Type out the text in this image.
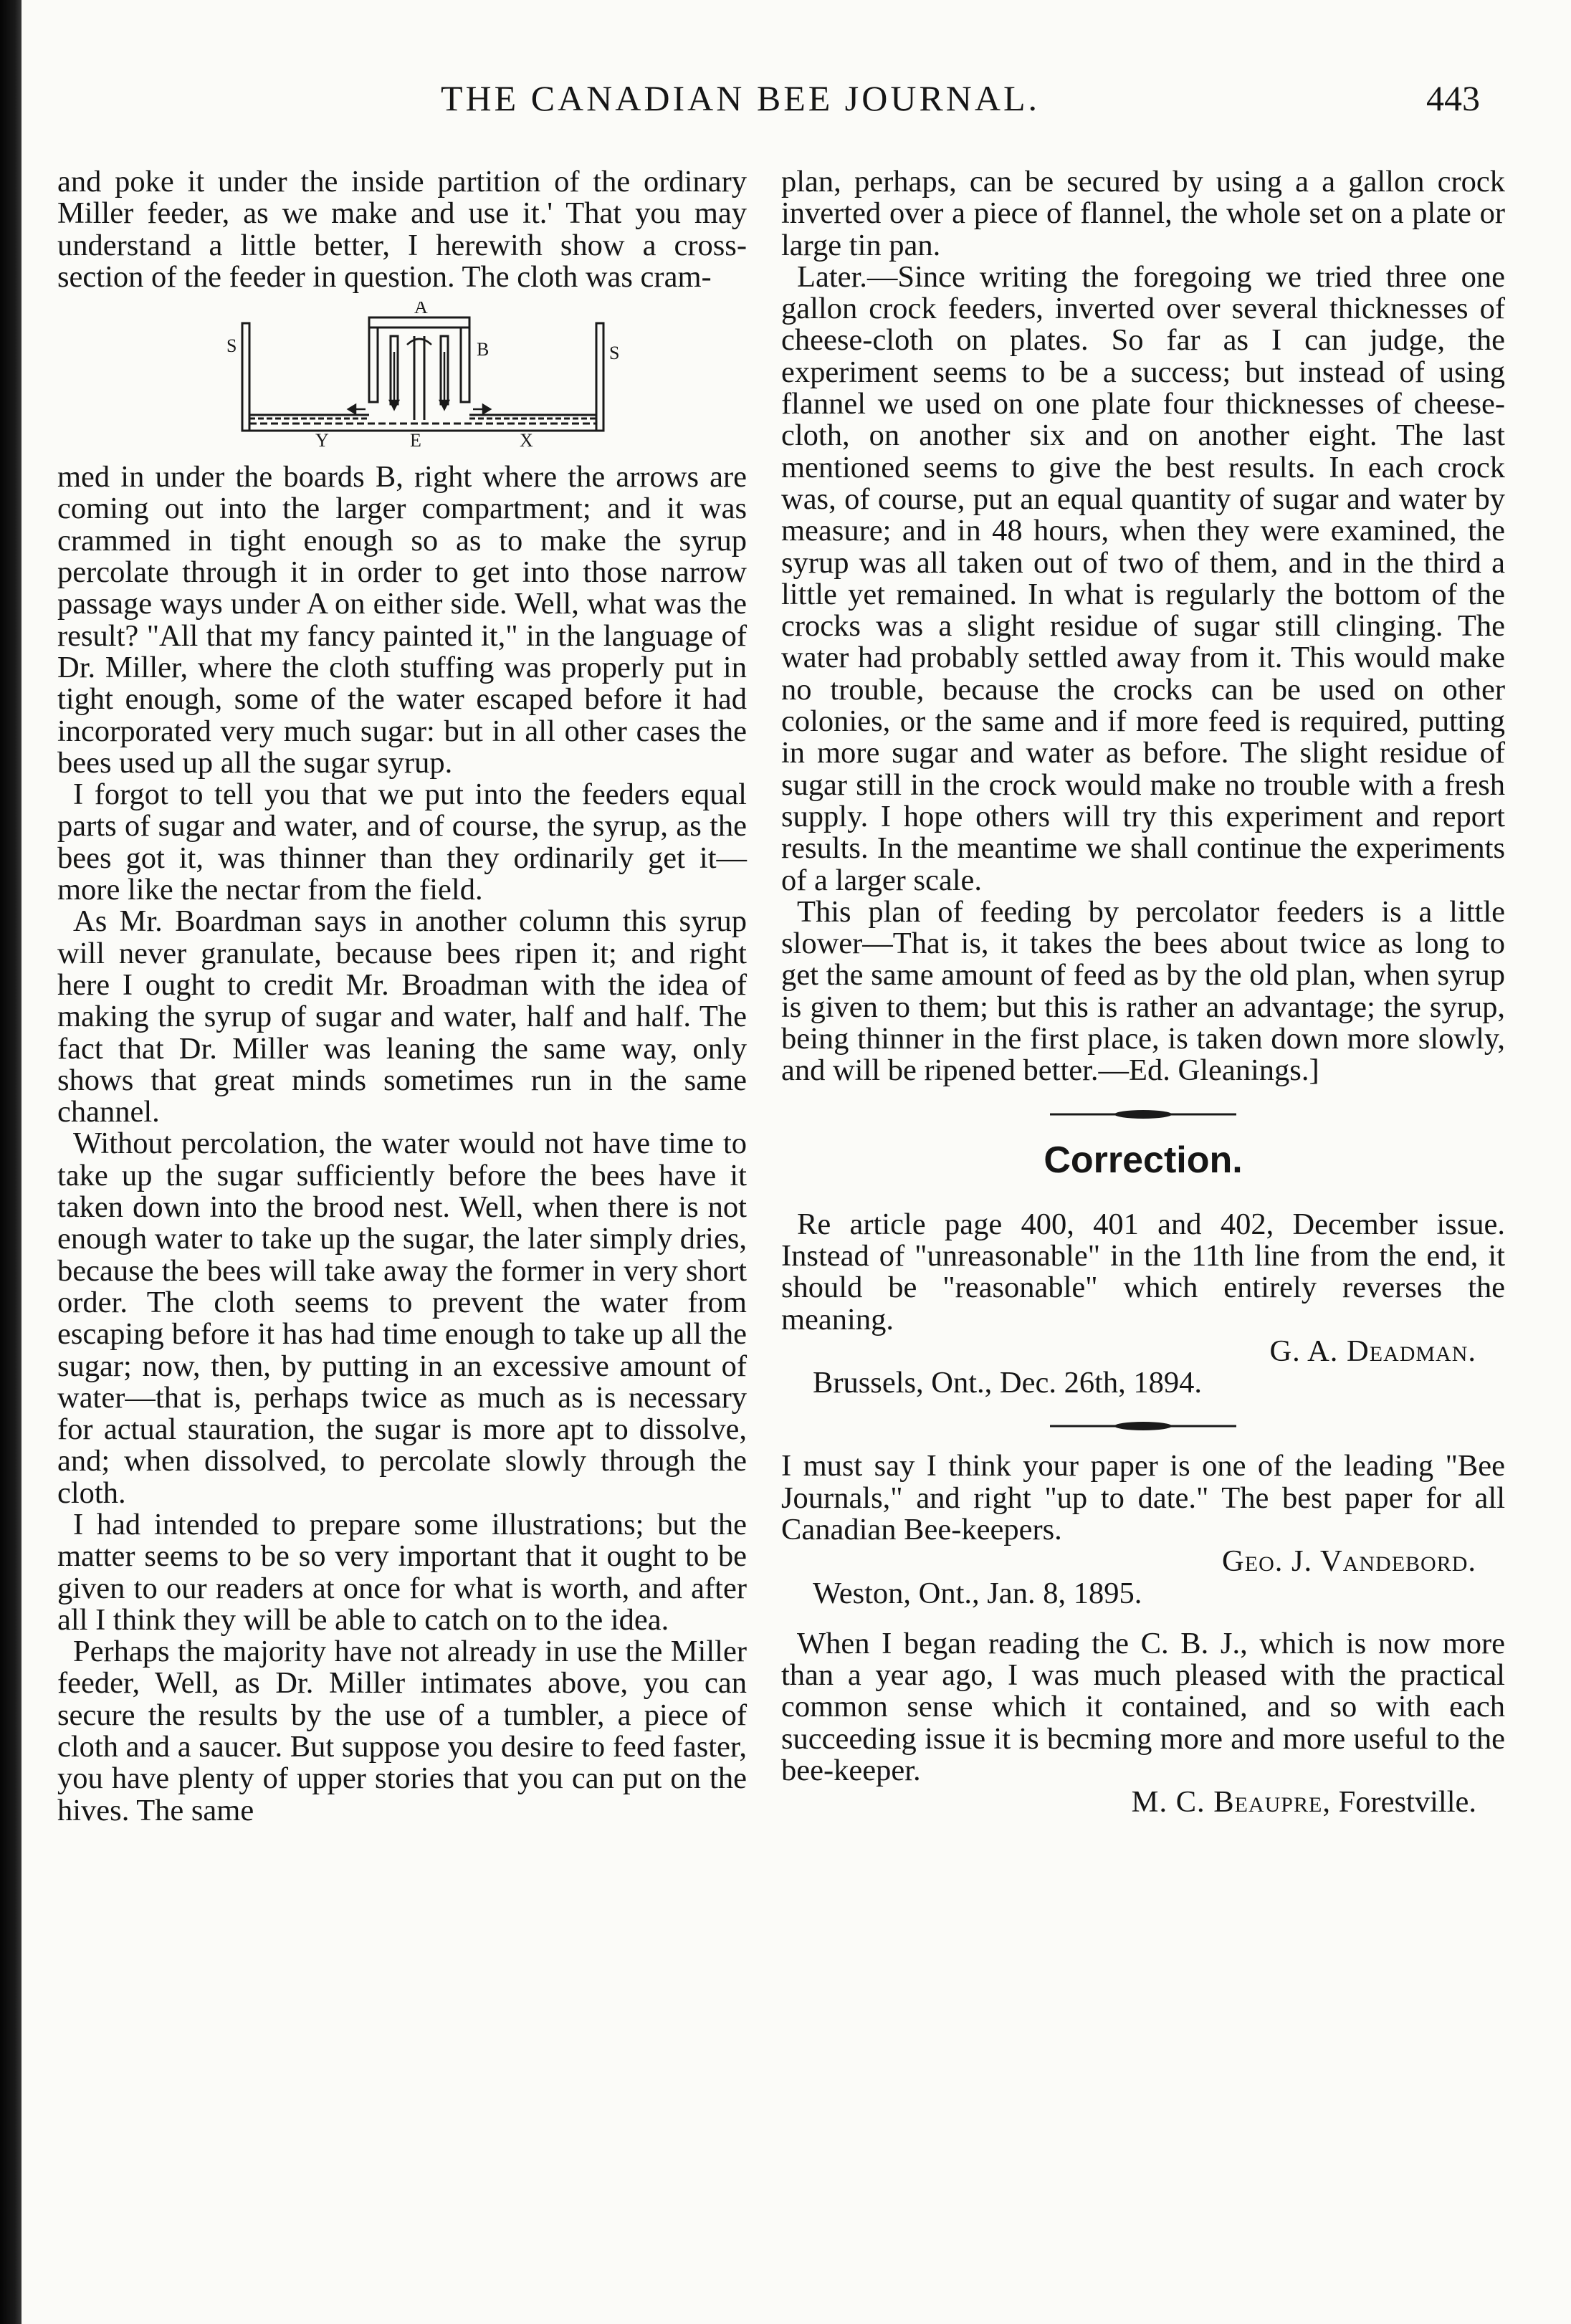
THE CANADIAN BEE JOURNAL.	443

and poke it under the inside partition of the ordinary Miller feeder, as we make and use it.' That you may understand a little better, I herewith show a cross-section of the feeder in question. The cloth was cram-

A
S	B	S
Y	E	X

med in under the boards B, right where the arrows are coming out into the larger compartment; and it was crammed in tight enough so as to make the syrup percolate through it in order to get into those narrow passage ways under A on either side. Well, what was the result? "All that my fancy painted it," in the language of Dr. Miller, where the cloth stuffing was properly put in tight enough, some of the water escaped before it had incorporated very much sugar: but in all other cases the bees used up all the sugar syrup.

I forgot to tell you that we put into the feeders equal parts of sugar and water, and of course, the syrup, as the bees got it, was thinner than they ordinarily get it—more like the nectar from the field.

As Mr. Boardman says in another column this syrup will never granulate, because bees ripen it; and right here I ought to credit Mr. Broadman with the idea of making the syrup of sugar and water, half and half. The fact that Dr. Miller was leaning the same way, only shows that great minds sometimes run in the same channel.

Without percolation, the water would not have time to take up the sugar sufficiently before the bees have it taken down into the brood nest. Well, when there is not enough water to take up the sugar, the later simply dries, because the bees will take away the former in very short order. The cloth seems to prevent the water from escaping before it has had time enough to take up all the sugar; now, then, by putting in an excessive amount of water—that is, perhaps twice as much as is necessary for actual stauration, the sugar is more apt to dissolve, and; when dissolved, to percolate slowly through the cloth.

I had intended to prepare some illustrations; but the matter seems to be so very important that it ought to be given to our readers at once for what is worth, and after all I think they will be able to catch on to the idea.

Perhaps the majority have not already in use the Miller feeder, Well, as Dr. Miller intimates above, you can secure the results by the use of a tumbler, a piece of cloth and a saucer. But suppose you desire to feed faster, you have plenty of upper stories that you can put on the hives. The same

plan, perhaps, can be secured by using a a gallon crock inverted over a piece of flannel, the whole set on a plate or large tin pan.

Later.—Since writing the foregoing we tried three one gallon crock feeders, inverted over several thicknesses of cheese-cloth on plates. So far as I can judge, the experiment seems to be a success; but instead of using flannel we used on one plate four thicknesses of cheese-cloth, on another six and on another eight. The last mentioned seems to give the best results. In each crock was, of course, put an equal quantity of sugar and water by measure; and in 48 hours, when they were examined, the syrup was all taken out of two of them, and in the third a little yet remained. In what is regularly the bottom of the crocks was a slight residue of sugar still clinging. The water had probably settled away from it. This would make no trouble, because the crocks can be used on other colonies, or the same and if more feed is required, putting in more sugar and water as before. The slight residue of sugar still in the crock would make no trouble with a fresh supply. I hope others will try this experiment and report results. In the meantime we shall continue the experiments of a larger scale.

This plan of feeding by percolator feeders is a little slower—That is, it takes the bees about twice as long to get the same amount of feed as by the old plan, when syrup is given to them; but this is rather an advantage; the syrup, being thinner in the first place, is taken down more slowly, and will be ripened better.—Ed. Gleanings.]

Correction.

Re article page 400, 401 and 402, December issue. Instead of "unreasonable" in the 11th line from the end, it should be "reasonable" which entirely reverses the meaning.

G. A. Deadman.

Brussels, Ont., Dec. 26th, 1894.

I must say I think your paper is one of the leading "Bee Journals," and right "up to date." The best paper for all Canadian Bee-keepers.

Geo. J. Vandebord.

Weston, Ont., Jan. 8, 1895.

When I began reading the C. B. J., which is now more than a year ago, I was much pleased with the practical common sense which it contained, and so with each succeeding issue it is becming more and more useful to the bee-keeper.

M. C. Beaupre, Forestville.
